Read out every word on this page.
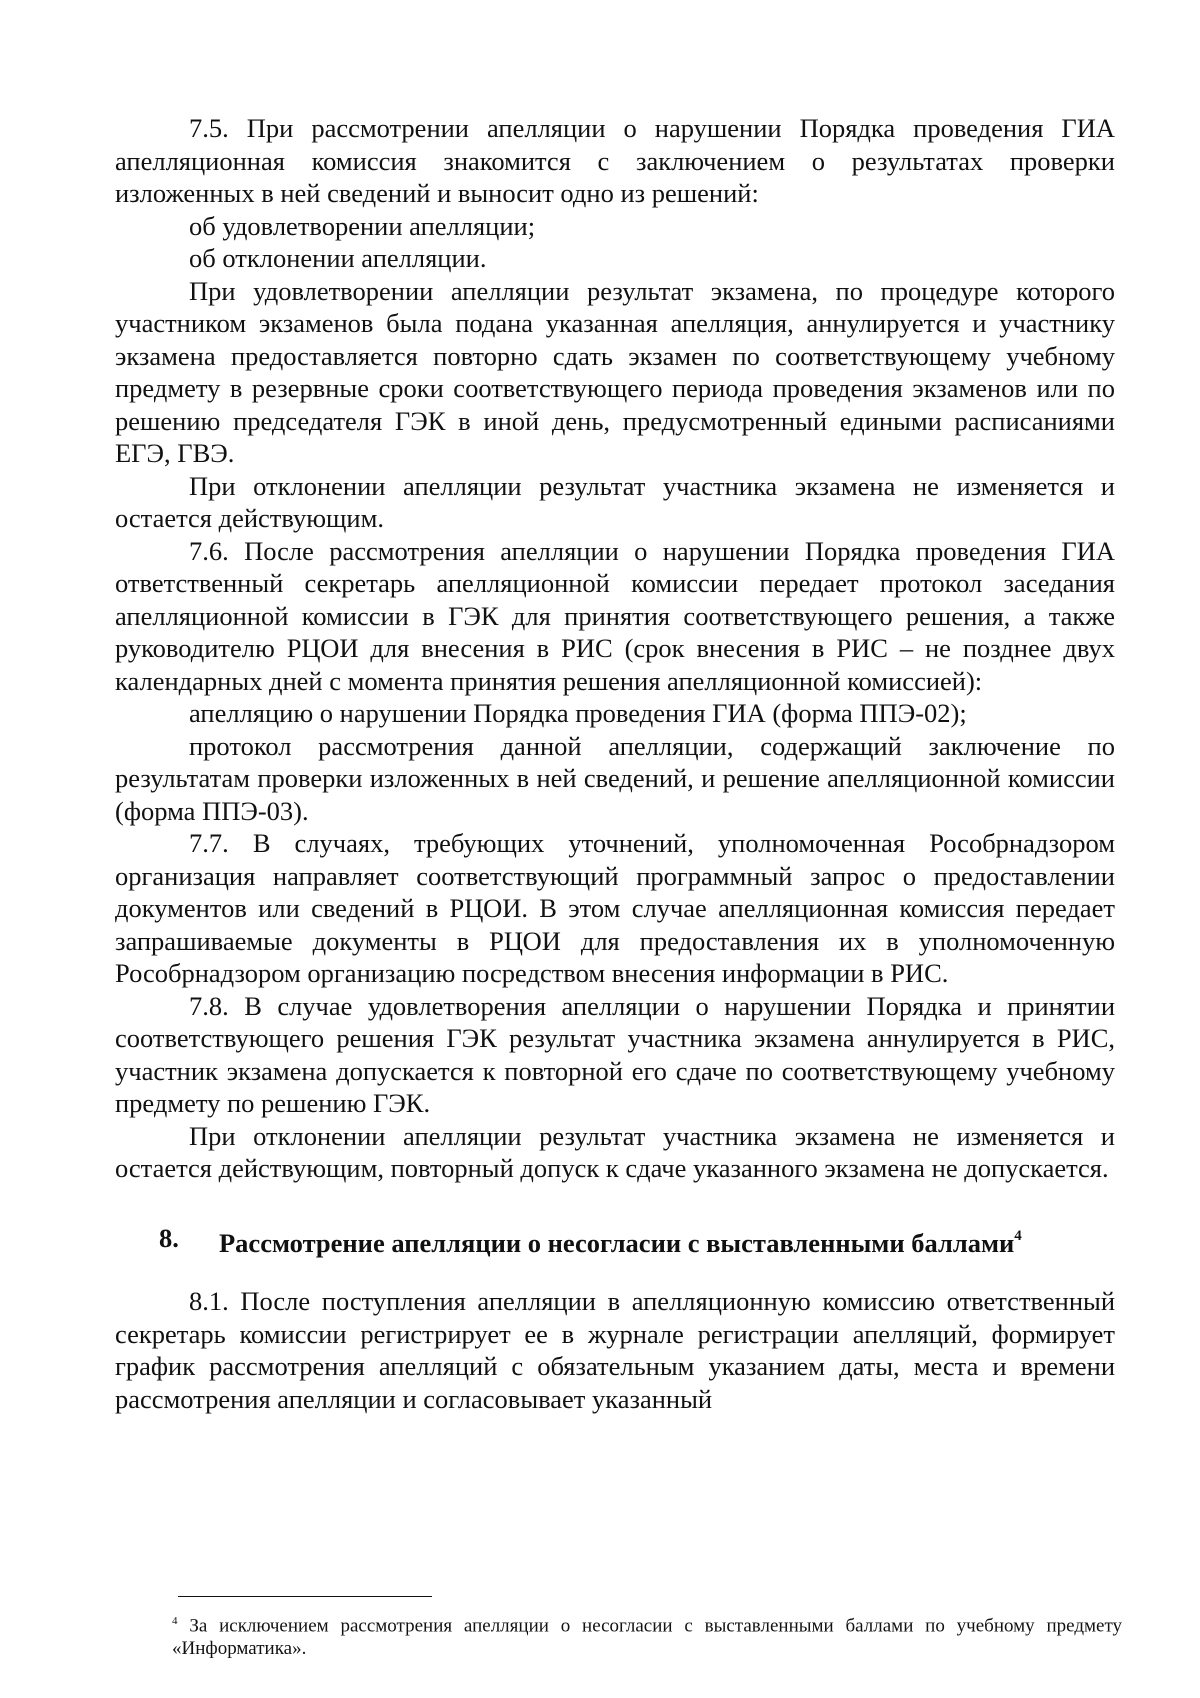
7.5. При рассмотрении апелляции о нарушении Порядка проведения ГИА апелляционная комиссия знакомится с заключением о результатах проверки изложенных в ней сведений и выносит одно из решений:

об удовлетворении апелляции;

об отклонении апелляции.

При удовлетворении апелляции результат экзамена, по процедуре которого участником экзаменов была подана указанная апелляция, аннулируется и участнику экзамена предоставляется повторно сдать экзамен по соответствующему учебному предмету в резервные сроки соответствующего периода проведения экзаменов или по решению председателя ГЭК в иной день, предусмотренный едиными расписаниями ЕГЭ, ГВЭ.

При отклонении апелляции результат участника экзамена не изменяется и остается действующим.

7.6. После рассмотрения апелляции о нарушении Порядка проведения ГИА ответственный секретарь апелляционной комиссии передает протокол заседания апелляционной комиссии в ГЭК для принятия соответствующего решения, а также руководителю РЦОИ для внесения в РИС (срок внесения в РИС – не позднее двух календарных дней с момента принятия решения апелляционной комиссией):

апелляцию о нарушении Порядка проведения ГИА (форма ППЭ-02);

протокол рассмотрения данной апелляции, содержащий заключение по результатам проверки изложенных в ней сведений, и решение апелляционной комиссии (форма ППЭ-03).

7.7. В случаях, требующих уточнений, уполномоченная Рособрнадзором организация направляет соответствующий программный запрос о предоставлении документов или сведений в РЦОИ. В этом случае апелляционная комиссия передает запрашиваемые документы в РЦОИ для предоставления их в уполномоченную Рособрнадзором организацию посредством внесения информации в РИС.

7.8. В случае удовлетворения апелляции о нарушении Порядка и принятии соответствующего решения ГЭК результат участника экзамена аннулируется в РИС, участник экзамена допускается к повторной его сдаче по соответствующему учебному предмету по решению ГЭК.

При отклонении апелляции результат участника экзамена не изменяется и остается действующим, повторный допуск к сдаче указанного экзамена не допускается.

8.	Рассмотрение апелляции о несогласии с выставленными баллами$^4$

8.1. После поступления апелляции в апелляционную комиссию ответственный секретарь комиссии регистрирует ее в журнале регистрации апелляций, формирует график рассмотрения апелляций с обязательным указанием даты, места и времени рассмотрения апелляции и согласовывает указанный

$^4$ За исключением рассмотрения апелляции о несогласии с выставленными баллами по учебному предмету «Информатика».
